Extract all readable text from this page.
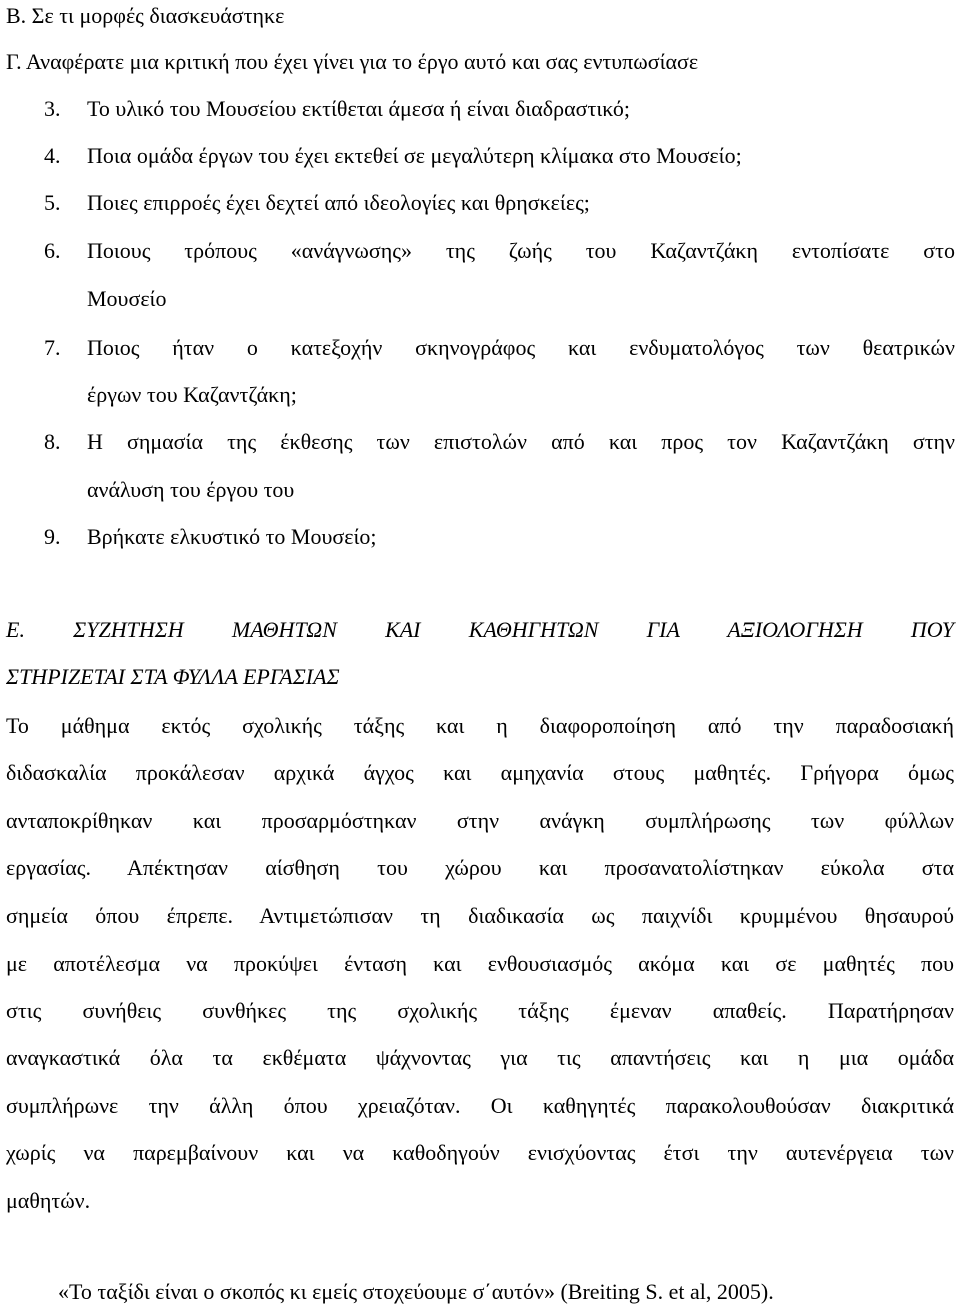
Β. Σε τι μορφές διασκευάστηκε

Γ. Αναφέρατε μια κριτική που έχει γίνει για το έργο αυτό και σας εντυπωσίασε

3. Το υλικό του Μουσείου εκτίθεται άμεσα ή είναι διαδραστικό;
4. Ποια ομάδα έργων του έχει εκτεθεί σε μεγαλύτερη κλίμακα στο Μουσείο;
5. Ποιες επιρροές έχει δεχτεί από ιδεολογίες και θρησκείες;
6. Ποιους τρόπους «ανάγνωσης» της ζωής του Καζαντζάκη εντοπίσατε στο
Μουσείο
7. Ποιος ήταν ο κατεξοχήν σκηνογράφος και ενδυματολόγος των θεατρικών
έργων του Καζαντζάκη;
8. Η σημασία της έκθεσης των επιστολών από και προς τον Καζαντζάκη στην
ανάλυση του έργου του
9. Βρήκατε ελκυστικό το Μουσείο;

Ε. ΣΥΖΗΤΗΣΗ ΜΑΘΗΤΩΝ ΚΑΙ ΚΑΘΗΓΗΤΩΝ ΓΙΑ ΑΞΙΟΛΟΓΗΣΗ ΠΟΥ

ΣΤΗΡΙΖΕΤΑΙ ΣΤΑ ΦΥΛΛΑ ΕΡΓΑΣΙΑΣ

Το μάθημα εκτός σχολικής τάξης και η διαφοροποίηση από την παραδοσιακή

διδασκαλία προκάλεσαν αρχικά άγχος και αμηχανία στους μαθητές. Γρήγορα όμως

ανταποκρίθηκαν και προσαρμόστηκαν στην ανάγκη συμπλήρωσης των φύλλων

εργασίας. Απέκτησαν αίσθηση του χώρου και προσανατολίστηκαν εύκολα στα

σημεία όπου έπρεπε. Αντιμετώπισαν τη διαδικασία ως παιχνίδι κρυμμένου θησαυρού

με αποτέλεσμα να προκύψει ένταση και ενθουσιασμός ακόμα και σε μαθητές που

στις συνήθεις συνθήκες της σχολικής τάξης έμεναν απαθείς. Παρατήρησαν

αναγκαστικά όλα τα εκθέματα ψάχνοντας για τις απαντήσεις και η μια ομάδα

συμπλήρωνε την άλλη όπου χρειαζόταν. Οι καθηγητές παρακολουθούσαν διακριτικά

χωρίς να παρεμβαίνουν και να καθοδηγούν ενισχύοντας έτσι την αυτενέργεια των

μαθητών.

«Το ταξίδι είναι ο σκοπός κι εμείς στοχεύουμε σ΄αυτόν» (Breiting S. et al, 2005).
